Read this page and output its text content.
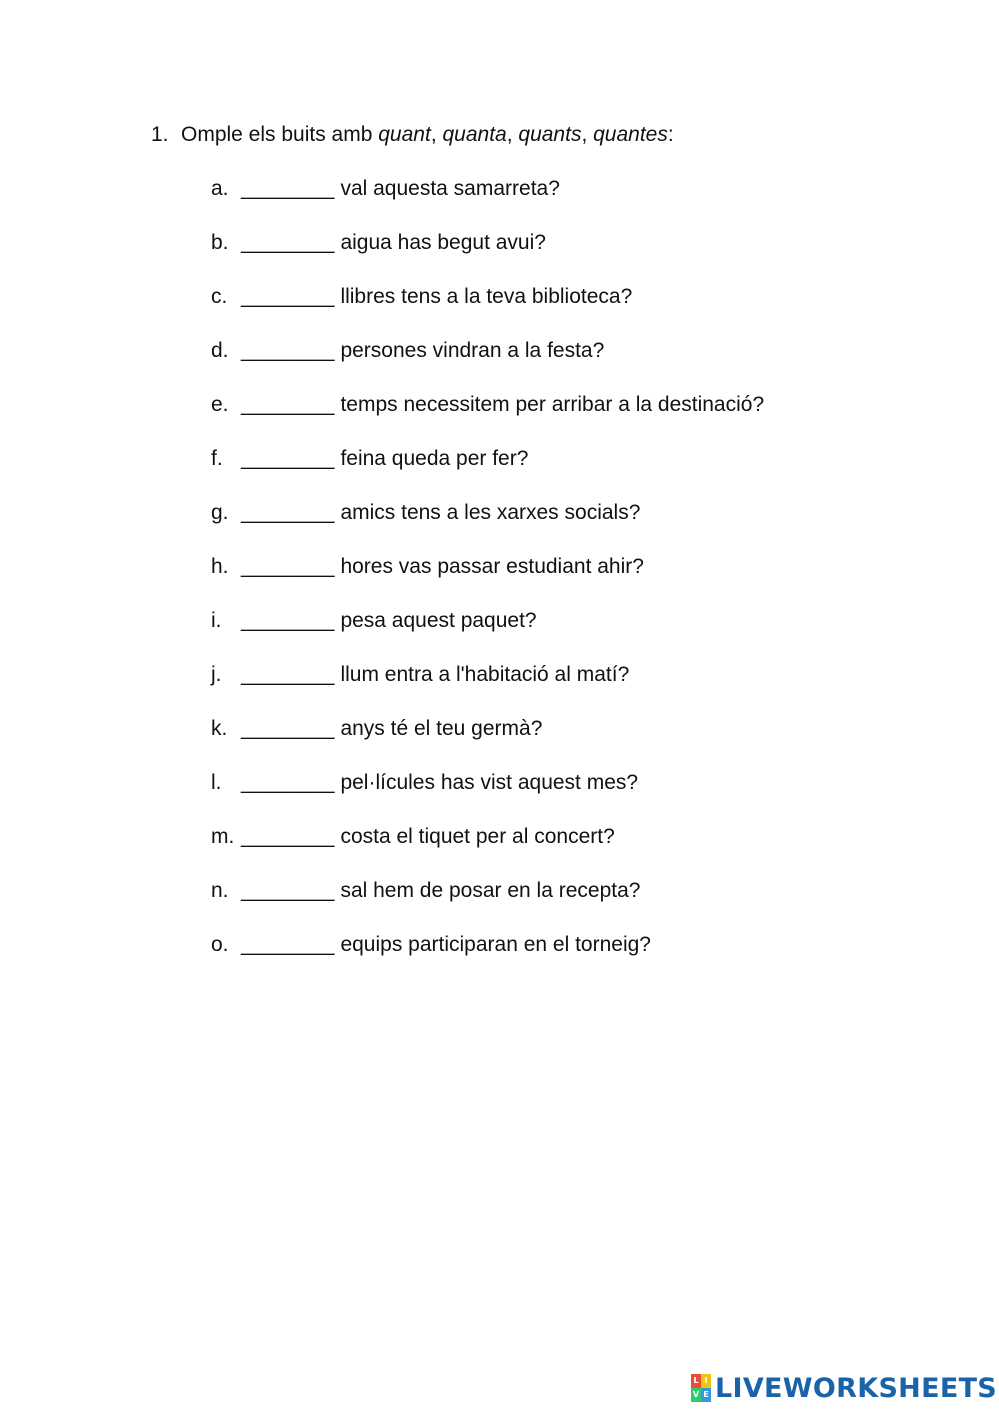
1. Omple els buits amb quant, quanta, quants, quantes:
a. ________ val aquesta samarreta?
b. ________ aigua has begut avui?
c. ________ llibres tens a la teva biblioteca?
d. ________ persones vindran a la festa?
e. ________ temps necessitem per arribar a la destinació?
f. ________ feina queda per fer?
g. ________ amics tens a les xarxes socials?
h. ________ hores vas passar estudiant ahir?
i. ________ pesa aquest paquet?
j. ________ llum entra a l'habitació al matí?
k. ________ anys té el teu germà?
l. ________ pel·lícules has vist aquest mes?
m. ________ costa el tiquet per al concert?
n. ________ sal hem de posar en la recepta?
o. ________ equips participaran en el torneig?
L I
V E LIVEWORKSHEETS
